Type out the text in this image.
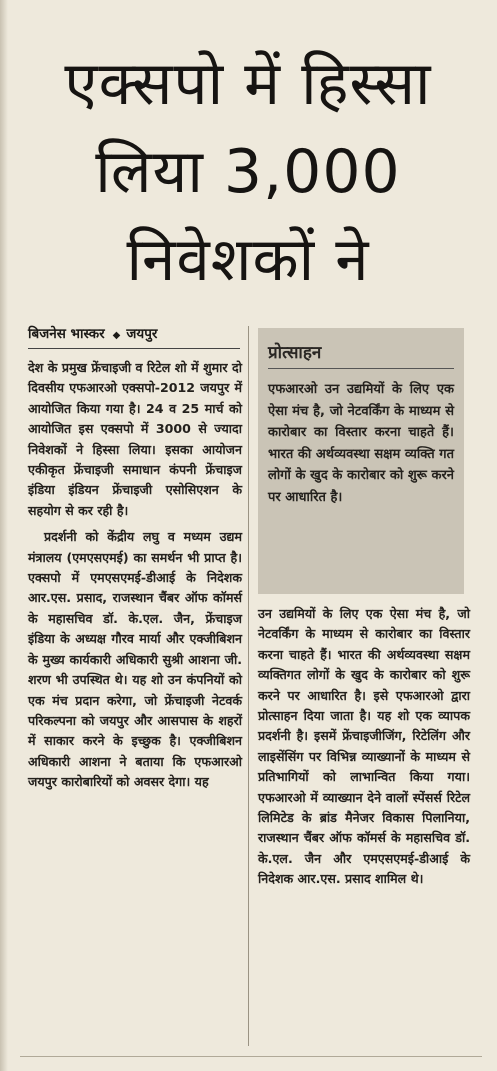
एक्सपो में हिस्सा
लिया 3,000
निवेशकों ने
बिजनेस भास्कर ◆ जयपुर

देश के प्रमुख फ्रेंचाइजी व रिटेल शो में शुमार दो दिवसीय एफआरओ एक्सपो-2012 जयपुर में आयोजित किया गया है। 24 व 25 मार्च को आयोजित इस एक्सपो में 3000 से ज्यादा निवेशकों ने हिस्सा लिया। इसका आयोजन एकीकृत फ्रेंचाइजी समाधान कंपनी फ्रेंचाइज इंडिया इंडियन फ्रेंचाइजी एसोसिएशन के सहयोग से कर रही है।

प्रदर्शनी को केंद्रीय लघु व मध्यम उद्यम मंत्रालय (एमएसएमई) का समर्थन भी प्राप्त है। एक्सपो में एमएसएमई-डीआई के निदेशक आर.एस. प्रसाद, राजस्थान चैंबर ऑफ कॉमर्स के महासचिव डॉ. के.एल. जैन, फ्रेंचाइज इंडिया के अध्यक्ष गौरव मार्या और एक्जीबिशन के मुख्य कार्यकारी अधिकारी सुश्री आशना जी. शरण भी उपस्थित थे। यह शो उन कंपनियों को एक मंच प्रदान करेगा, जो फ्रेंचाइजी नेटवर्क परिकल्पना को जयपुर और आसपास के शहरों में साकार करने के इच्छुक है। एक्जीबिशन अधिकारी आशना ने बताया कि एफआरओ जयपुर कारोबारियों को अवसर देगा। यह

प्रोत्साहन
एफआरओ उन उद्यमियों के लिए एक ऐसा मंच है, जो नेटवर्किंग के माध्यम से कारोबार का विस्तार करना चाहते हैं। भारत की अर्थव्यवस्था सक्षम व्यक्ति गत लोगों के खुद के कारोबार को शुरू करने पर आधारित है।

उन उद्यमियों के लिए एक ऐसा मंच है, जो नेटवर्किंग के माध्यम से कारोबार का विस्तार करना चाहते हैं। भारत की अर्थव्यवस्था सक्षम व्यक्तिगत लोगों के खुद के कारोबार को शुरू करने पर आधारित है। इसे एफआरओ द्वारा प्रोत्साहन दिया जाता है। यह शो एक व्यापक प्रदर्शनी है। इसमें फ्रेंचाइजीजिंग, रिटेलिंग और लाइसेंसिंग पर विभिन्न व्याख्यानों के माध्यम से प्रतिभागियों को लाभान्वित किया गया। एफआरओ में व्याख्यान देने वालों स्पेंसर्स रिटेल लिमिटेड के ब्रांड मैनेजर विकास पिलानिया, राजस्थान चैंबर ऑफ कॉमर्स के महासचिव डॉ. के.एल. जैन और एमएसएमई-डीआई के निदेशक आर.एस. प्रसाद शामिल थे।
